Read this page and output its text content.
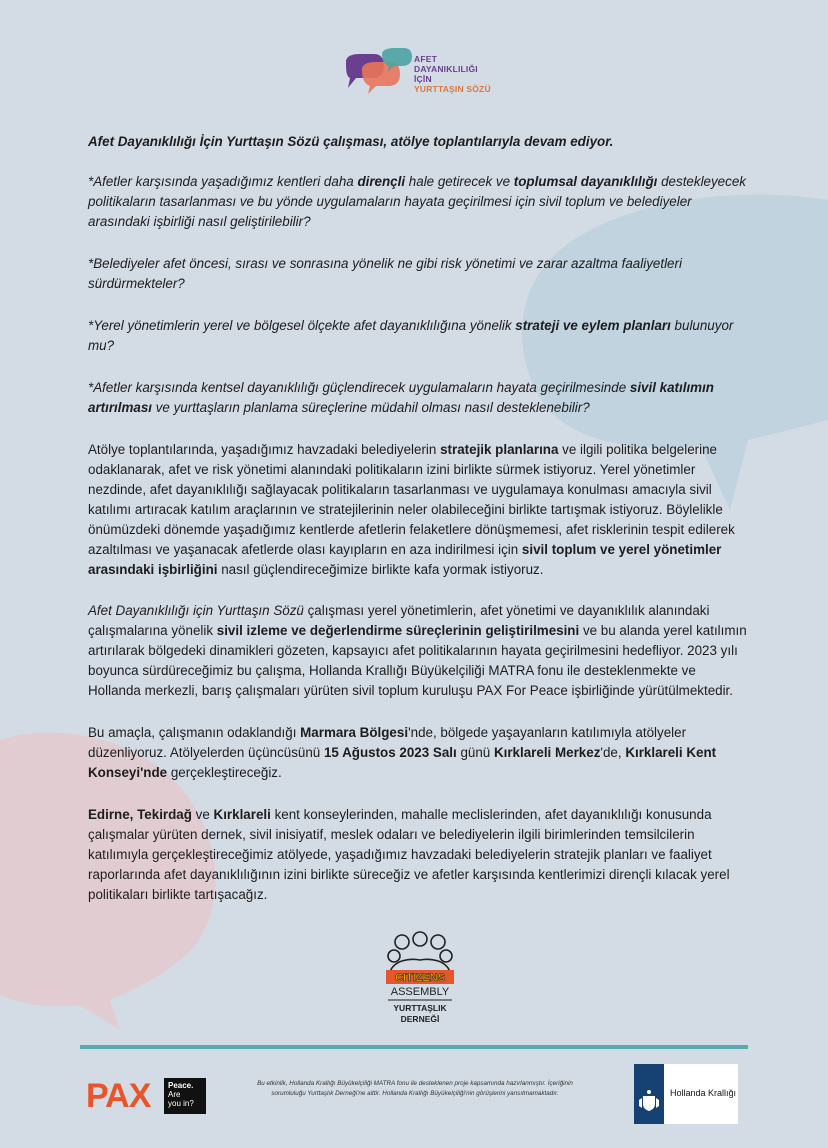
AFET
DAYANIKLILIĞI İÇİN
YURTTAŞIN SÖZÜ

Afet Dayanıklılığı İçin Yurttaşın Sözü çalışması, atölye toplantılarıyla devam ediyor.

*Afetler karşısında yaşadığımız kentleri daha dirençli hale getirecek ve toplumsal dayanıklılığı destekleyecek politikaların tasarlanması ve bu yönde uygulamaların hayata geçirilmesi için sivil toplum ve belediyeler arasındaki işbirliği nasıl geliştirilebilir?

*Belediyeler afet öncesi, sırası ve sonrasına yönelik ne gibi risk yönetimi ve zarar azaltma faaliyetleri sürdürmekteler?

*Yerel yönetimlerin yerel ve bölgesel ölçekte afet dayanıklılığına yönelik strateji ve eylem planları bulunuyor mu?

*Afetler karşısında kentsel dayanıklılığı güçlendirecek uygulamaların hayata geçirilmesinde sivil katılımın artırılması ve yurttaşların planlama süreçlerine müdahil olması nasıl desteklenebilir?

Atölye toplantılarında, yaşadığımız havzadaki belediyelerin stratejik planlarına ve ilgili politika belgelerine odaklanarak, afet ve risk yönetimi alanındaki politikaların izini birlikte sürmek istiyoruz. Yerel yönetimler nezdinde, afet dayanıklılığı sağlayacak politikaların tasarlanması ve uygulamaya konulması amacıyla sivil katılımı artıracak katılım araçlarının ve stratejilerinin neler olabileceğini birlikte tartışmak istiyoruz. Böylelikle önümüzdeki dönemde yaşadığımız kentlerde afetlerin felaketlere dönüşmemesi, afet risklerinin tespit edilerek azaltılması ve yaşanacak afetlerde olası kayıpların en aza indirilmesi için sivil toplum ve yerel yönetimler arasındaki işbirliğini nasıl güçlendireceğimize birlikte kafa yormak istiyoruz.

Afet Dayanıklılığı için Yurttaşın Sözü çalışması yerel yönetimlerin, afet yönetimi ve dayanıklılık alanındaki çalışmalarına yönelik sivil izleme ve değerlendirme süreçlerinin geliştirilmesini ve bu alanda yerel katılımın artırılarak bölgedeki dinamikleri gözeten, kapsayıcı afet politikalarının hayata geçirilmesini hedefliyor. 2023 yılı boyunca sürdüreceğimiz bu çalışma, Hollanda Krallığı Büyükelçiliği MATRA fonu ile desteklenmekte ve Hollanda merkezli, barış çalışmaları yürüten sivil toplum kuruluşu PAX For Peace işbirliğinde yürütülmektedir.

Bu amaçla, çalışmanın odaklandığı Marmara Bölgesi'nde, bölgede yaşayanların katılımıyla atölyeler düzenliyoruz. Atölyelerden üçüncüsünü 15 Ağustos 2023 Salı günü Kırklareli Merkez'de, Kırklareli Kent Konseyi'nde gerçekleştireceğiz.

Edirne, Tekirdağ ve Kırklareli kent konseylerinden, mahalle meclislerinden, afet dayanıklılığı konusunda çalışmalar yürüten dernek, sivil inisiyatif, meslek odaları ve belediyelerin ilgili birimlerinden temsilcilerin katılımıyla gerçekleştireceğimiz atölyede, yaşadığımız havzadaki belediyelerin stratejik planları ve faaliyet raporlarında afet dayanıklılığının izini birlikte süreceğiz ve afetler karşısında kentlerimizi dirençli kılacak yerel politikaları birlikte tartışacağız.

CITIZENS
ASSEMBLY
YURTTAŞLIK
DERNEĞİ
PAX Peace.
Are
you in?
Bu etkinlik, Hollanda Krallığı Büyükelçiliği MATRA fonu ile desteklenen proje kapsamında hazırlanmıştır. İçeriğinin sorumluluğu Yurttaşlık Derneği'ne aittir. Hollanda Krallığı Büyükelçiliği'nin görüşlerini yansıtmamaktadır.	Hollanda Krallığı
